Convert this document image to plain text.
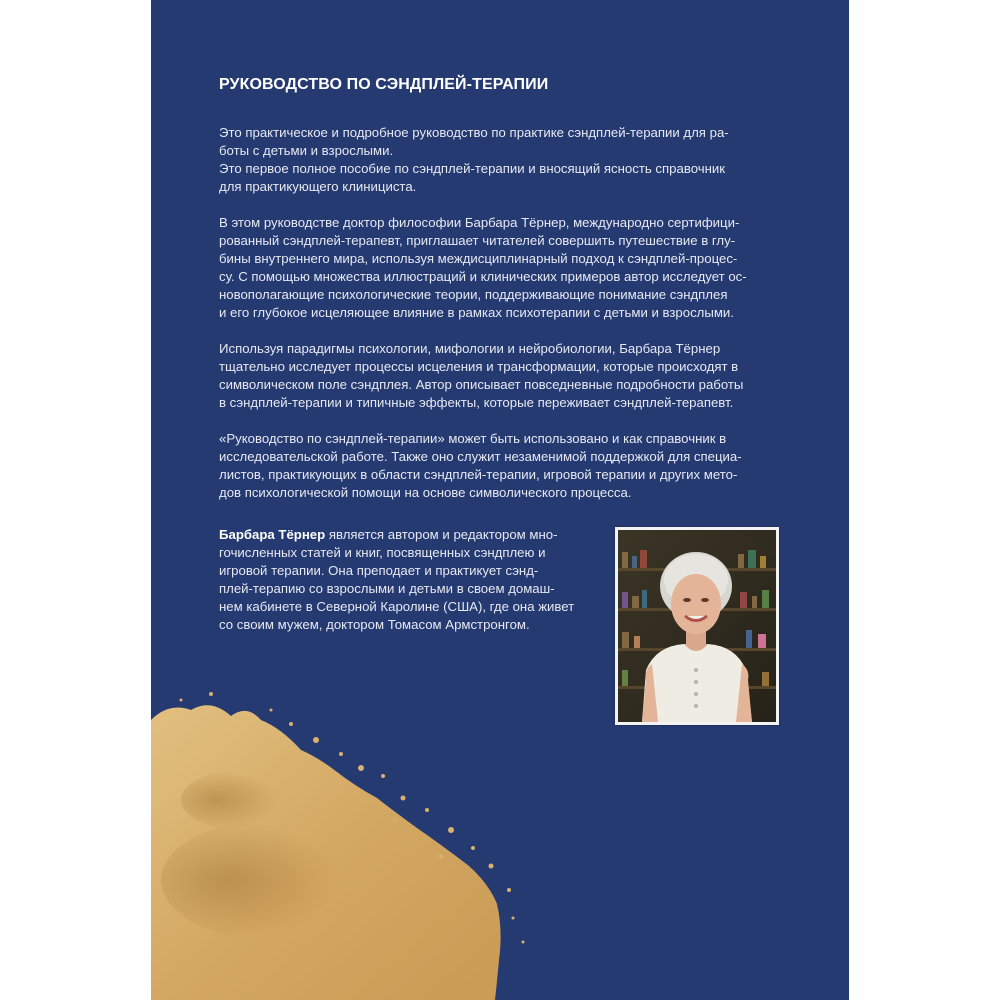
РУКОВОДСТВО ПО СЭНДПЛЕЙ-ТЕРАПИИ

Это практическое и подробное руководство по практике сэндплей-терапии для ра-
боты с детьми и взрослыми.
Это первое полное пособие по сэндплей-терапии и вносящий ясность справочник
для практикующего клинициста.

В этом руководстве доктор философии Барбара Тёрнер, международно сертифици-
рованный сэндплей-терапевт, приглашает читателей совершить путешествие в глу-
бины внутреннего мира, используя междисциплинарный подход к сэндплей-процес-
су. С помощью множества иллюстраций и клинических примеров автор исследует ос-
новополагающие психологические теории, поддерживающие понимание сэндплея
и его глубокое исцеляющее влияние в рамках психотерапии с детьми и взрослыми.

Используя парадигмы психологии, мифологии и нейробиологии, Барбара Тёрнер
тщательно исследует процессы исцеления и трансформации, которые происходят в
символическом поле сэндплея. Автор описывает повседневные подробности работы
в сэндплей-терапии и типичные эффекты, которые переживает сэндплей-терапевт.

«Руководство по сэндплей-терапии» может быть использовано и как справочник в
исследовательской работе. Также оно служит незаменимой поддержкой для специа-
листов, практикующих в области сэндплей-терапии, игровой терапии и других мето-
дов психологической помощи на основе символического процесса.

Барбара Тёрнер является автором и редактором мно-
гочисленных статей и книг, посвященных сэндплею и
игровой терапии. Она преподает и практикует сэнд-
плей-терапию со взрослыми и детьми в своем домаш-
нем кабинете в Северной Каролине (США), где она живет
со своим мужем, доктором Томасом Армстронгом.
